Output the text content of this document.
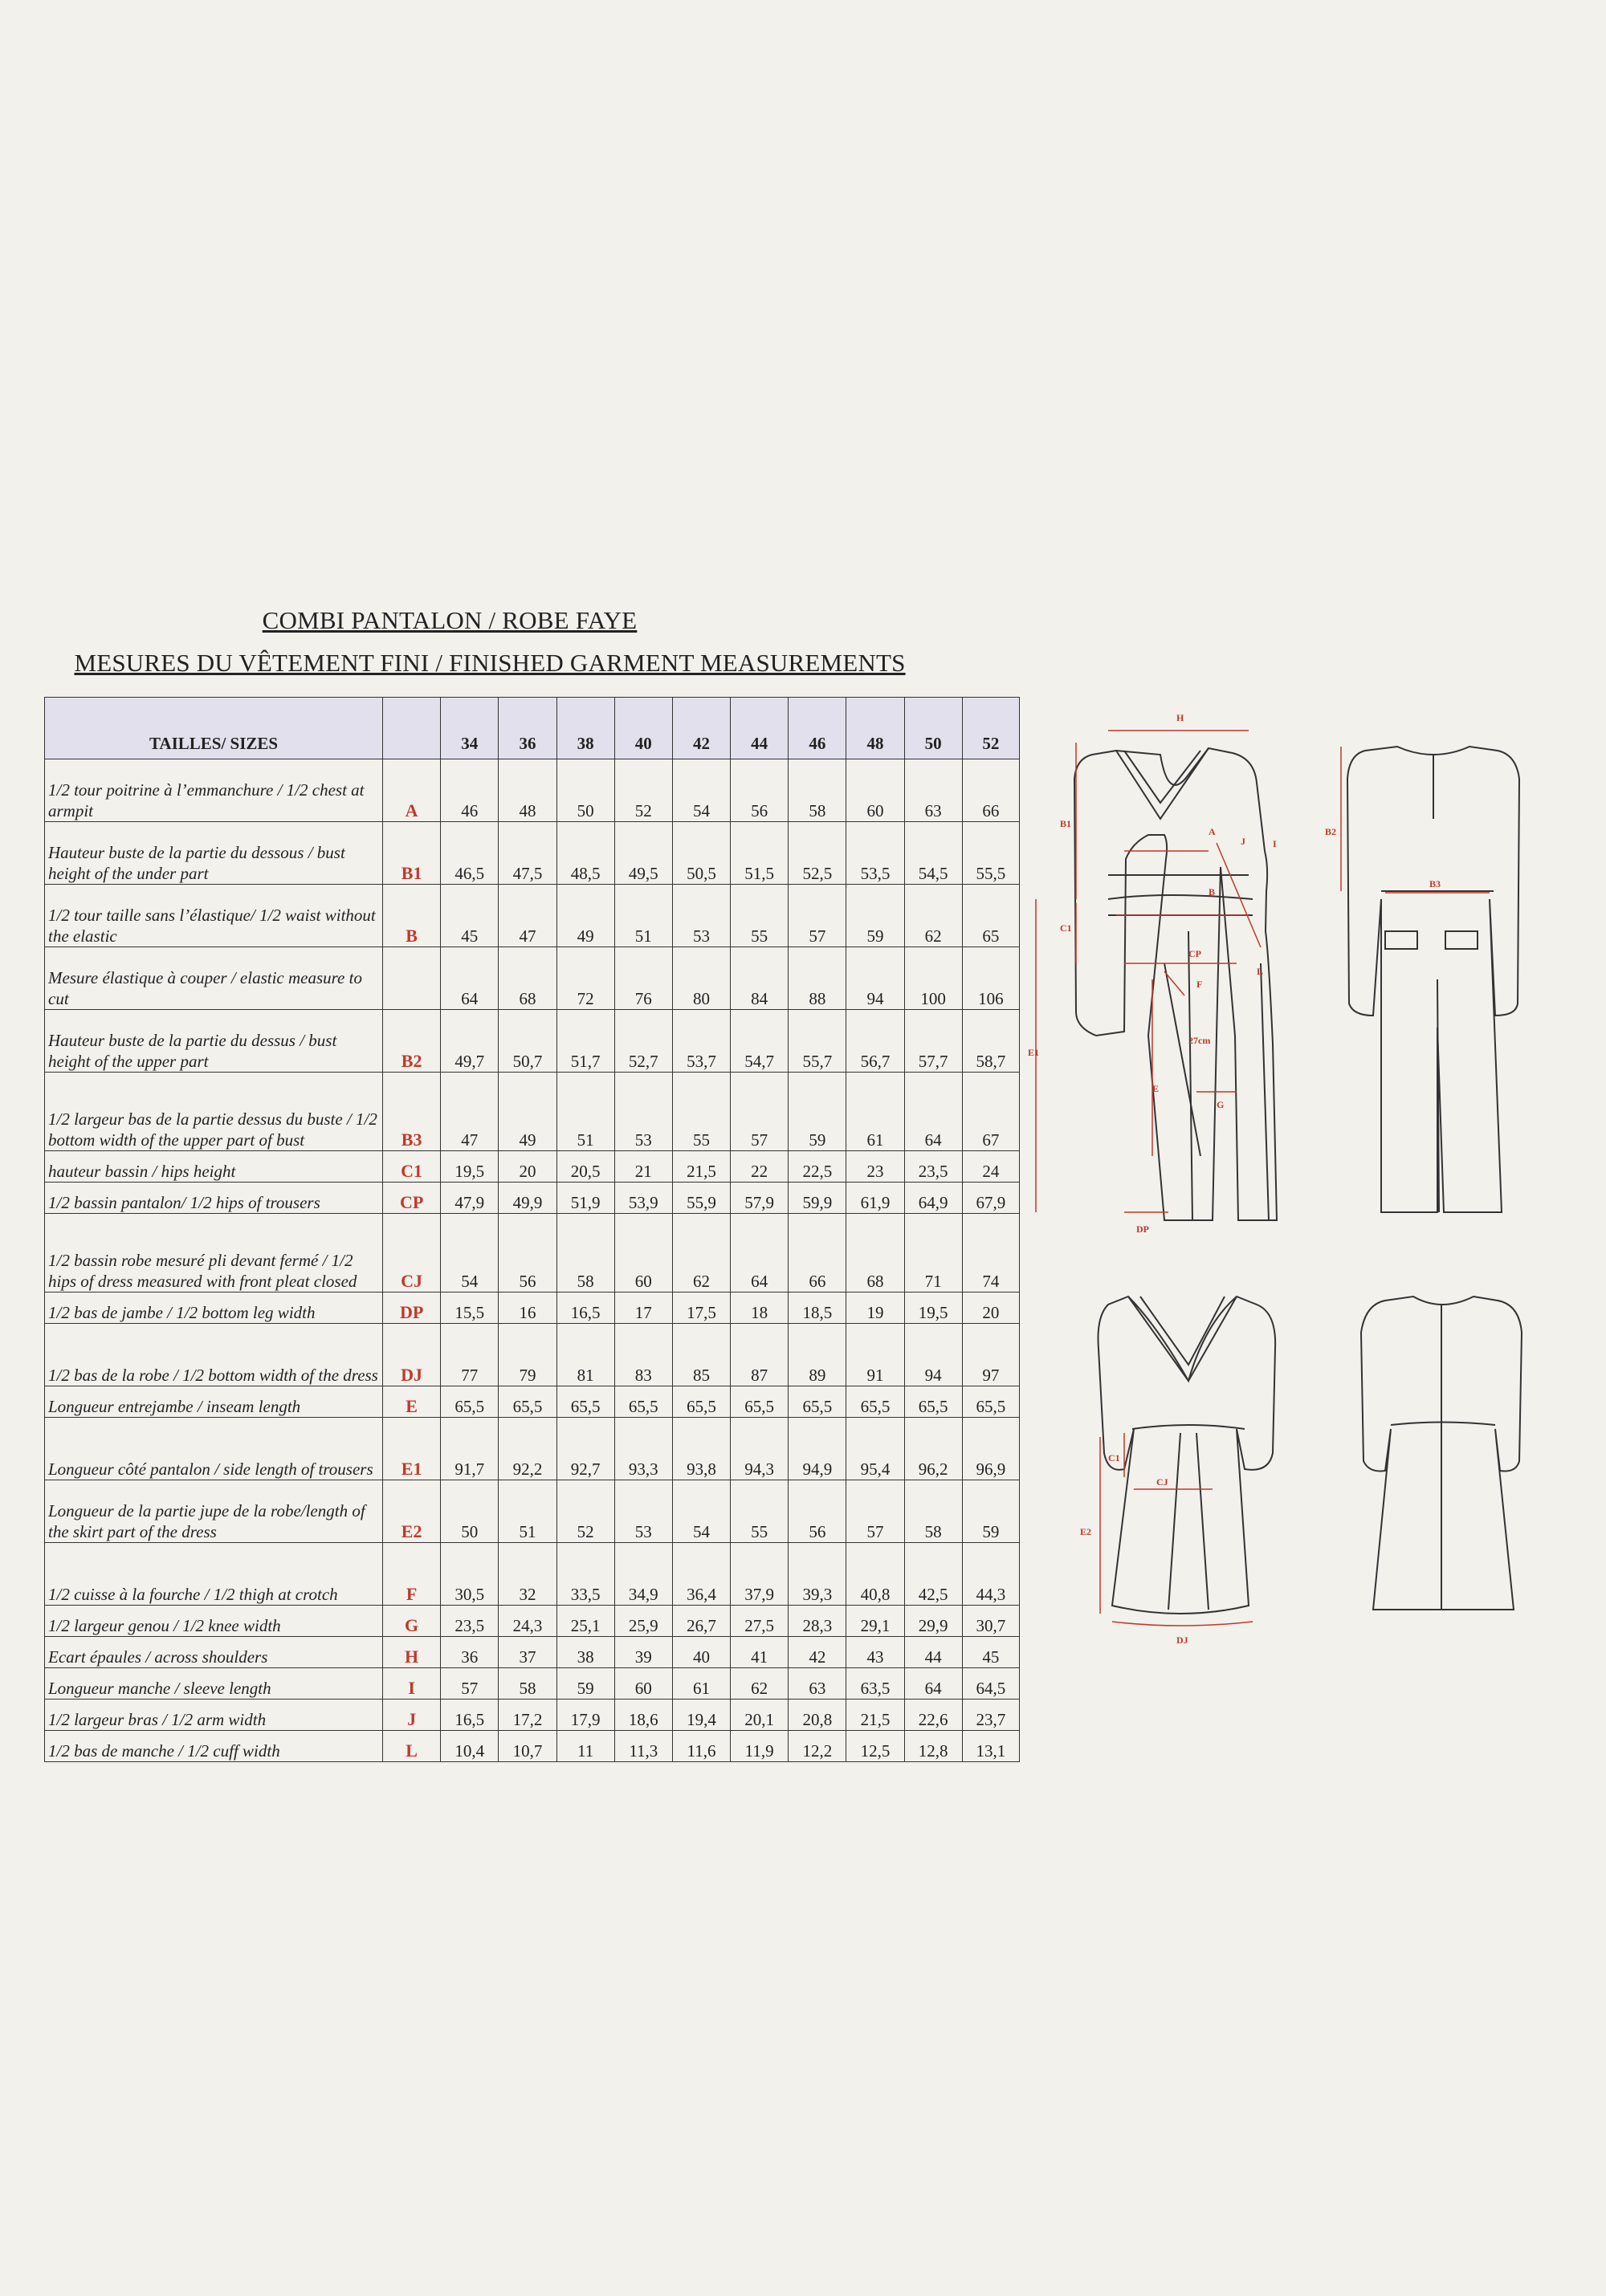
COMBI PANTALON / ROBE FAYE
MESURES DU VÊTEMENT FINI / FINISHED GARMENT MEASUREMENTS
TAILLES/ SIZES		34	36	38	40	42	44	46	48	50	52
1/2 tour poitrine à l’emmanchure / 1/2 chest at armpit	A	46	48	50	52	54	56	58	60	63	66
Hauteur buste de la partie du dessous / bust height of the under part	B1	46,5	47,5	48,5	49,5	50,5	51,5	52,5	53,5	54,5	55,5
1/2 tour taille sans l’élastique/ 1/2 waist without the elastic	B	45	47	49	51	53	55	57	59	62	65
Mesure élastique à couper / elastic measure to cut		64	68	72	76	80	84	88	94	100	106
Hauteur buste de la partie du dessus / bust height of the upper part	B2	49,7	50,7	51,7	52,7	53,7	54,7	55,7	56,7	57,7	58,7
1/2 largeur bas de la partie dessus du buste / 1/2 bottom width of the upper part of bust	B3	47	49	51	53	55	57	59	61	64	67
hauteur bassin / hips height	C1	19,5	20	20,5	21	21,5	22	22,5	23	23,5	24
1/2 bassin pantalon/ 1/2 hips of trousers	CP	47,9	49,9	51,9	53,9	55,9	57,9	59,9	61,9	64,9	67,9
1/2 bassin robe mesuré pli devant fermé / 1/2 hips of dress measured with front pleat closed	CJ	54	56	58	60	62	64	66	68	71	74
1/2 bas de jambe / 1/2 bottom leg width	DP	15,5	16	16,5	17	17,5	18	18,5	19	19,5	20
1/2 bas de la robe / 1/2 bottom width of the dress	DJ	77	79	81	83	85	87	89	91	94	97
Longueur entrejambe / inseam length	E	65,5	65,5	65,5	65,5	65,5	65,5	65,5	65,5	65,5	65,5
Longueur côté pantalon / side length of trousers	E1	91,7	92,2	92,7	93,3	93,8	94,3	94,9	95,4	96,2	96,9
Longueur de la partie jupe de la robe/length of the skirt part of the dress	E2	50	51	52	53	54	55	56	57	58	59
1/2 cuisse à la fourche / 1/2 thigh at crotch	F	30,5	32	33,5	34,9	36,4	37,9	39,3	40,8	42,5	44,3
1/2 largeur genou / 1/2 knee width	G	23,5	24,3	25,1	25,9	26,7	27,5	28,3	29,1	29,9	30,7
Ecart épaules / across shoulders	H	36	37	38	39	40	41	42	43	44	45
Longueur manche / sleeve length	I	57	58	59	60	61	62	63	63,5	64	64,5
1/2 largeur bras / 1/2 arm width	J	16,5	17,2	17,9	18,6	19,4	20,1	20,8	21,5	22,6	23,7
1/2 bas de manche / 1/2 cuff width	L	10,4	10,7	11	11,3	11,6	11,9	12,2	12,5	12,8	13,1
H
B1
A
J	I
B
C1
CP
L
F
E1
27cm
E
G
DP
B2
B3
C1
CJ
E2
DJ
